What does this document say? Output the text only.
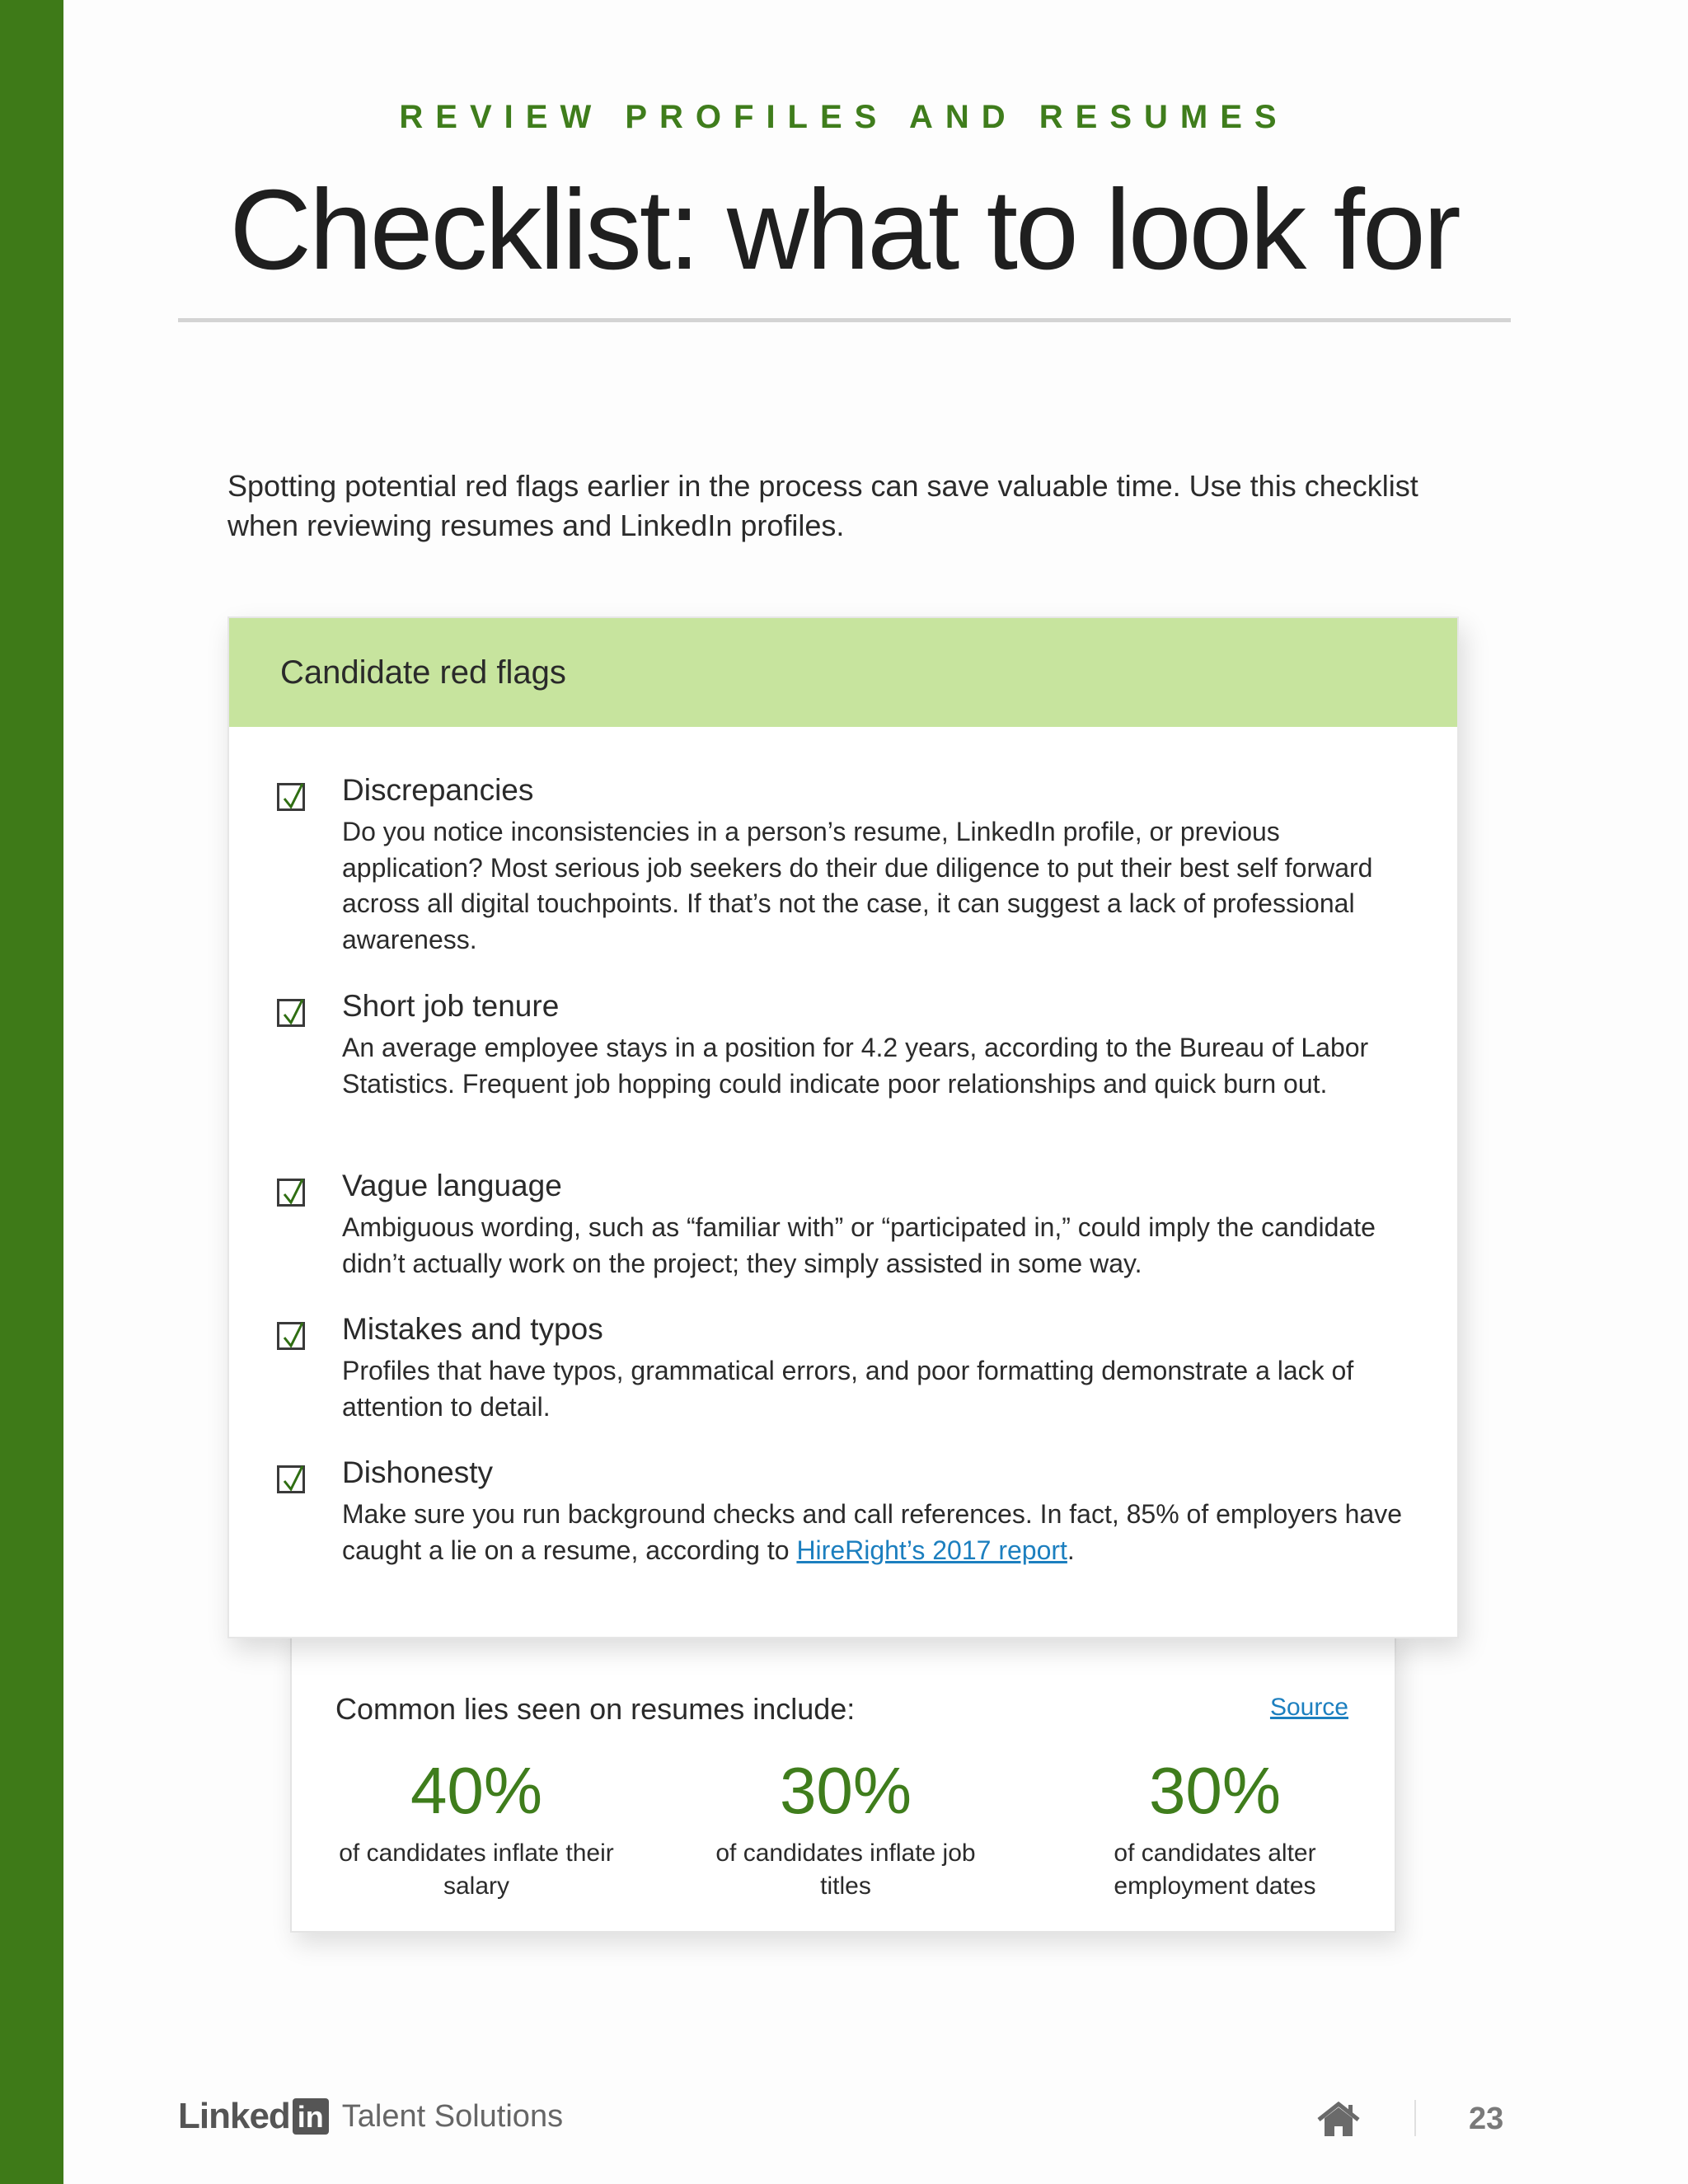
REVIEW PROFILES AND RESUMES
Checklist: what to look for

Spotting potential red flags earlier in the process can save valuable time. Use this checklist when reviewing resumes and LinkedIn profiles.

Candidate red flags
Discrepancies
Do you notice inconsistencies in a person’s resume, LinkedIn profile, or previous application? Most serious job seekers do their due diligence to put their best self forward across all digital touchpoints. If that’s not the case, it can suggest a lack of professional awareness.
Short job tenure
An average employee stays in a position for 4.2 years, according to the Bureau of Labor Statistics. Frequent job hopping could indicate poor relationships and quick burn out.
Vague language
Ambiguous wording, such as “familiar with” or “participated in,” could imply the candidate didn’t actually work on the project; they simply assisted in some way.
Mistakes and typos
Profiles that have typos, grammatical errors, and poor formatting demonstrate a lack of attention to detail.
Dishonesty
Make sure you run background checks and call references. In fact, 85% of employers have caught a lie on a resume, according to HireRight’s 2017 report.
Common lies seen on resumes include:	Source
40%
of candidates inflate their salary
30%
of candidates inflate job titles
30%
of candidates alter employment dates
Linked in Talent Solutions	23
